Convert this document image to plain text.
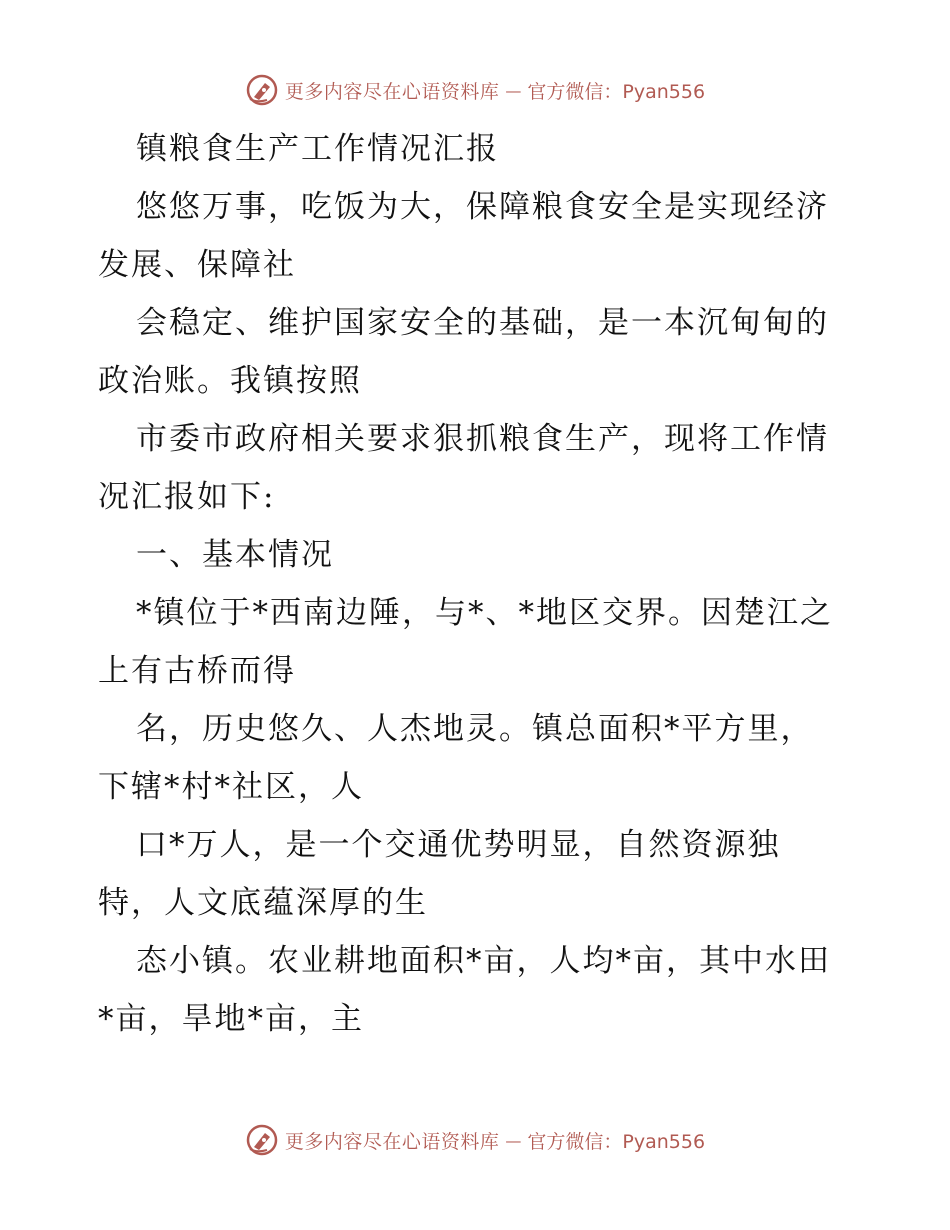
更多内容尽在心语资料库 — 官方微信：Pyan556
镇粮食生产工作情况汇报
悠悠万事，吃饭为大，保障粮食安全是实现经济
发展、保障社
会稳定、维护国家安全的基础，是一本沉甸甸的
政治账。我镇按照
市委市政府相关要求狠抓粮食生产，现将工作情
况汇报如下:
一、基本情况
*镇位于*西南边陲，与*、*地区交界。因楚江之
上有古桥而得
名，历史悠久、人杰地灵。镇总面积*平方里，
下辖*村*社区，人
口*万人，是一个交通优势明显，自然资源独
特，人文底蕴深厚的生
态小镇。农业耕地面积*亩，人均*亩，其中水田
*亩，旱地*亩，主
更多内容尽在心语资料库 — 官方微信：Pyan556
